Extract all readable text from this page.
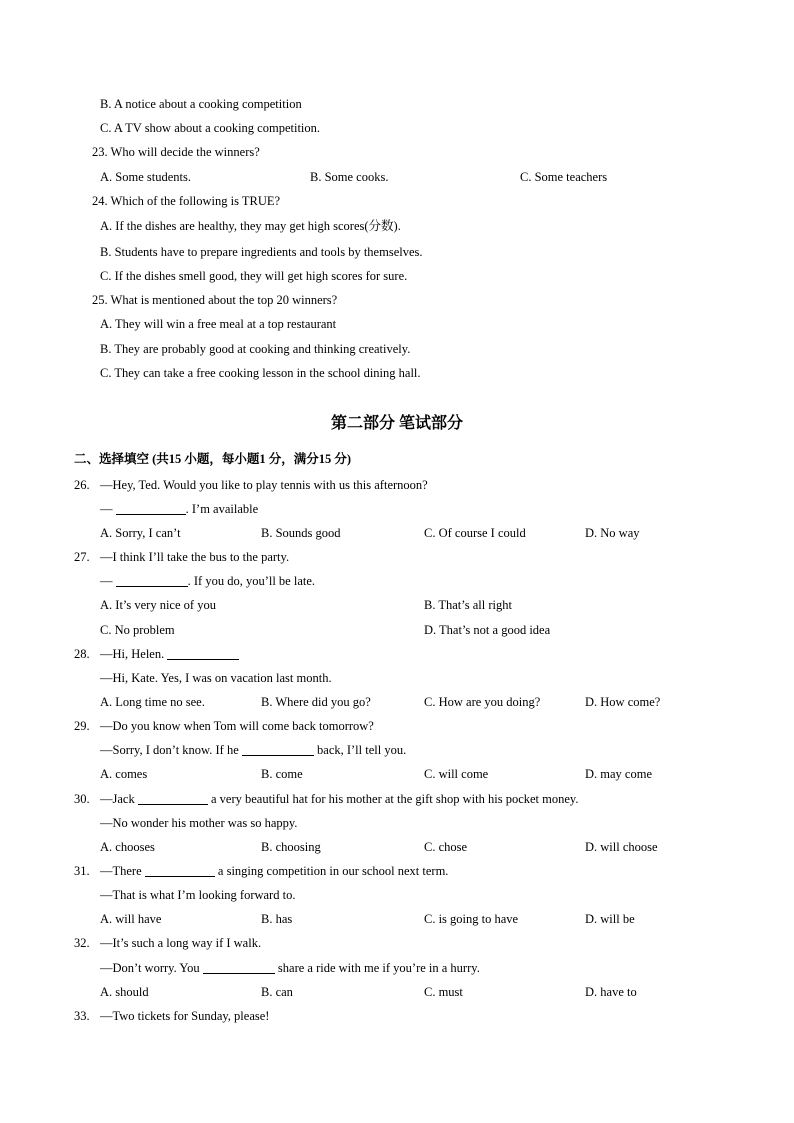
B. A notice about a cooking competition
C. A TV show about a cooking competition.
23. Who will decide the winners?
A. Some students.	B. Some cooks.	C. Some teachers
24. Which of the following is TRUE?
A. If the dishes are healthy, they may get high scores(分数).
B. Students have to prepare ingredients and tools by themselves.
C. If the dishes smell good, they will get high scores for sure.
25. What is mentioned about the top 20 winners?
A. They will win a free meal at a top restaurant
B. They are probably good at cooking and thinking creatively.
C. They can take a free cooking lesson in the school dining hall.
第二部分 笔试部分
二、选择填空 (共15 小题，每小题1 分，满分15 分)
26. —Hey, Ted. Would you like to play tennis with us this afternoon?
—	. I’m available
A. Sorry, I can’t	B. Sounds good	C. Of course I could	D. No way
27. —I think I’ll take the bus to the party.
—	. If you do, you’ll be late.
A. It’s very nice of you	B. That’s all right
C. No problem	D. That’s not a good idea
28. —Hi, Helen.
—Hi, Kate. Yes, I was on vacation last month.
A. Long time no see.	B. Where did you go?	C. How are you doing?	D. How come?
29. —Do you know when Tom will come back tomorrow?
—Sorry, I don’t know. If he	back, I’ll tell you.
A. comes	B. come	C. will come	D. may come
30. —Jack	a very beautiful hat for his mother at the gift shop with his pocket money.
—No wonder his mother was so happy.
A. chooses	B. choosing	C. chose	D. will choose
31. —There	a singing competition in our school next term.
—That is what I’m looking forward to.
A. will have	B. has	C. is going to have	D. will be
32. —It’s such a long way if I walk.
—Don’t worry. You	share a ride with me if you’re in a hurry.
A. should	B. can	C. must	D. have to
33. —Two tickets for Sunday, please!
